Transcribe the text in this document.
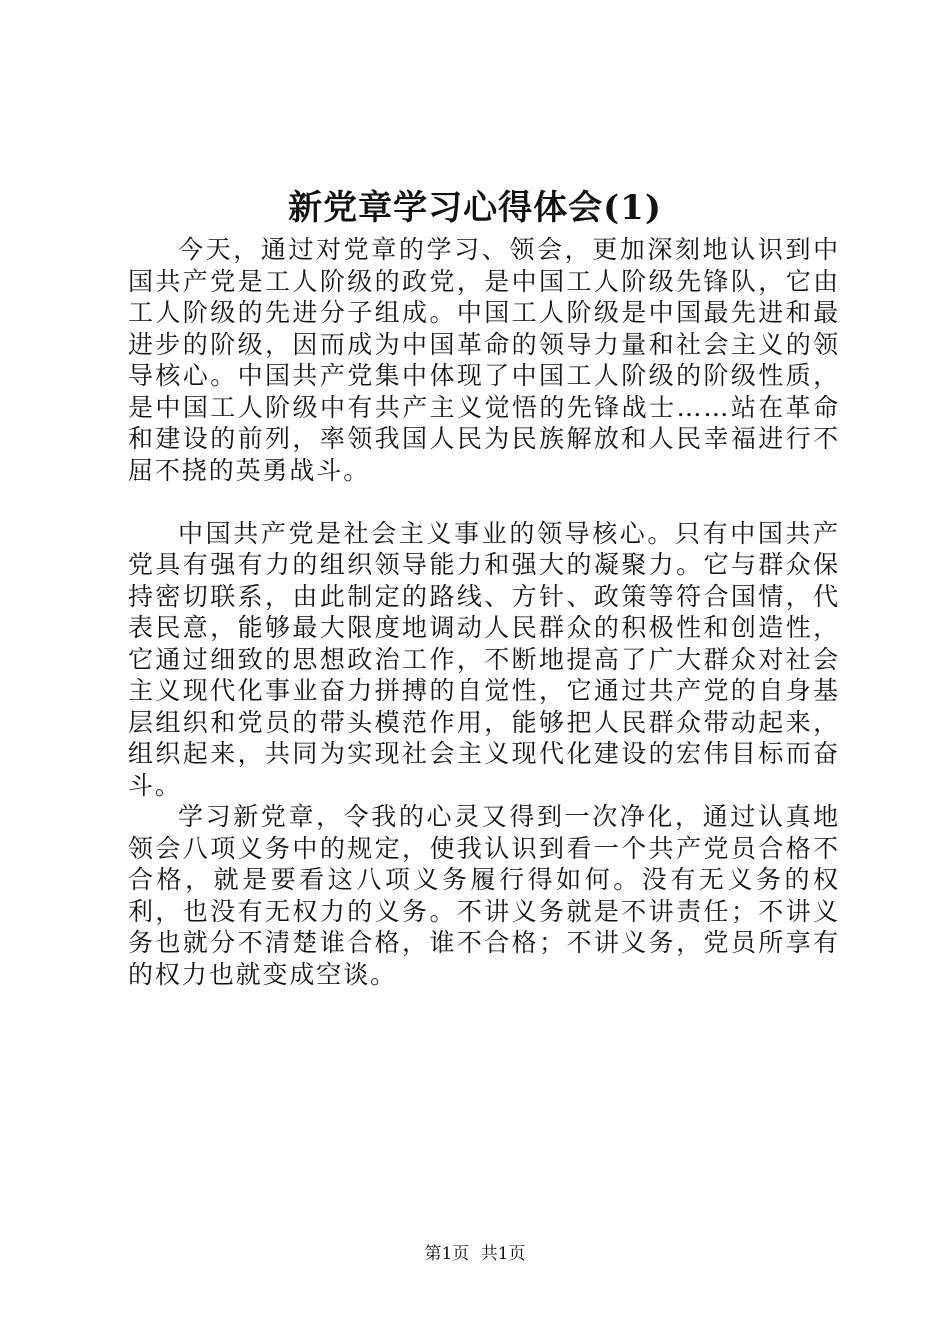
新党章学习心得体会(1)

今天，通过对党章的学习、领会，更加深刻地认识到中国共产党是工人阶级的政党，是中国工人阶级先锋队，它由工人阶级的先进分子组成。中国工人阶级是中国最先进和最进步的阶级，因而成为中国革命的领导力量和社会主义的领导核心。中国共产党集中体现了中国工人阶级的阶级性质，是中国工人阶级中有共产主义觉悟的先锋战士……站在革命和建设的前列，率领我国人民为民族解放和人民幸福进行不屈不挠的英勇战斗。

中国共产党是社会主义事业的领导核心。只有中国共产党具有强有力的组织领导能力和强大的凝聚力。它与群众保持密切联系，由此制定的路线、方针、政策等符合国情，代表民意，能够最大限度地调动人民群众的积极性和创造性，它通过细致的思想政治工作，不断地提高了广大群众对社会主义现代化事业奋力拼搏的自觉性，它通过共产党的自身基层组织和党员的带头模范作用，能够把人民群众带动起来，组织起来，共同为实现社会主义现代化建设的宏伟目标而奋斗。

学习新党章，令我的心灵又得到一次净化，通过认真地领会八项义务中的规定，使我认识到看一个共产党员合格不合格，就是要看这八项义务履行得如何。没有无义务的权利，也没有无权力的义务。不讲义务就是不讲责任；不讲义务也就分不清楚谁合格，谁不合格；不讲义务，党员所享有的权力也就变成空谈。

第1页 共1页
